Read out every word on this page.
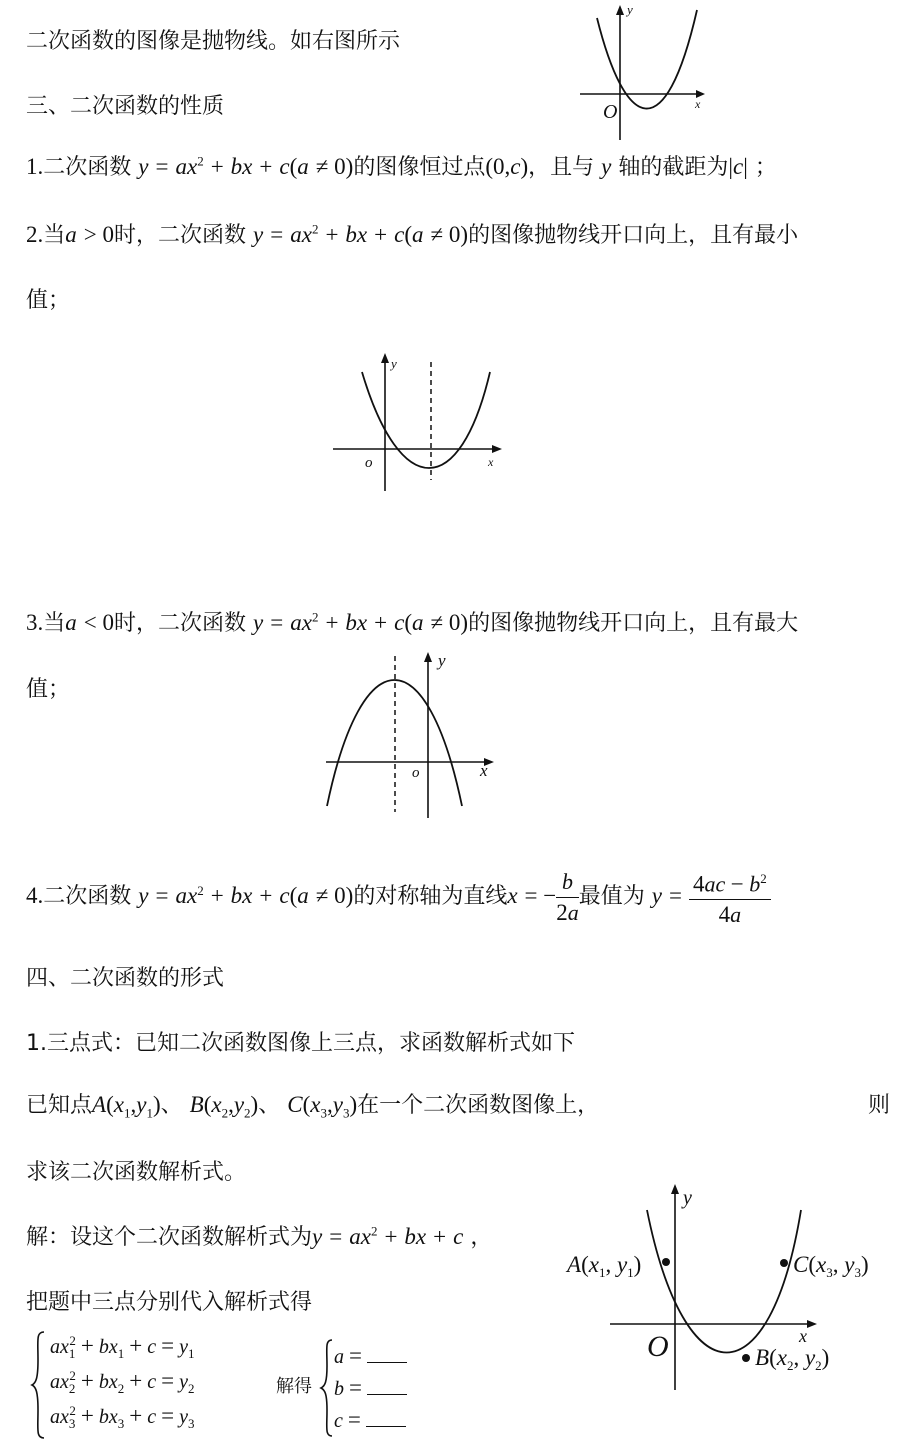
二次函数的图像是抛物线。如右图所示
y
x
O
三、二次函数的性质
1.二次函数 $y = ax^2$ + bx + c(a ≠ 0)的图像恒过点(0,c)，且与 y 轴的截距为|c| ；
2.当a > 0时，二次函数 $y = ax^2$ + bx + c(a ≠ 0)的图像抛物线开口向上，且有最小
值；
y
x
o
3.当a < 0时，二次函数 $y = ax^2$ + bx + c(a ≠ 0)的图像抛物线开口向上，且有最大
值；
y
x
o
4.二次函数 $y = ax^2$ + bx + c(a ≠ 0)的对称轴为直线x = − $\frac{b}{2a}$ 最值为 $y = \frac{4ac - b^2}{4a}$
四、二次函数的形式
1.三点式：已知二次函数图像上三点，求函数解析式如下
已知点$A(x_1,y_1)$、 $B(x_2,y_2)$、 $C(x_3,y_3)$在一个二次函数图像上，	则
求该二次函数解析式。
解：设这个二次函数解析式为$y = ax^2$ + bx + c ，
把题中三点分别代入解析式得
$ax_1^2 + bx_1 + c = y_1$
$ax_2^2 + bx_2 + c = y_2$
$ax_3^2 + bx_3 + c = y_3$
解得
a =
b =
c =
y
x
O
$A(x_1$, $y_1$)	$C(x_3$, $y_3$)
$B(x_2$, $y_2$)
